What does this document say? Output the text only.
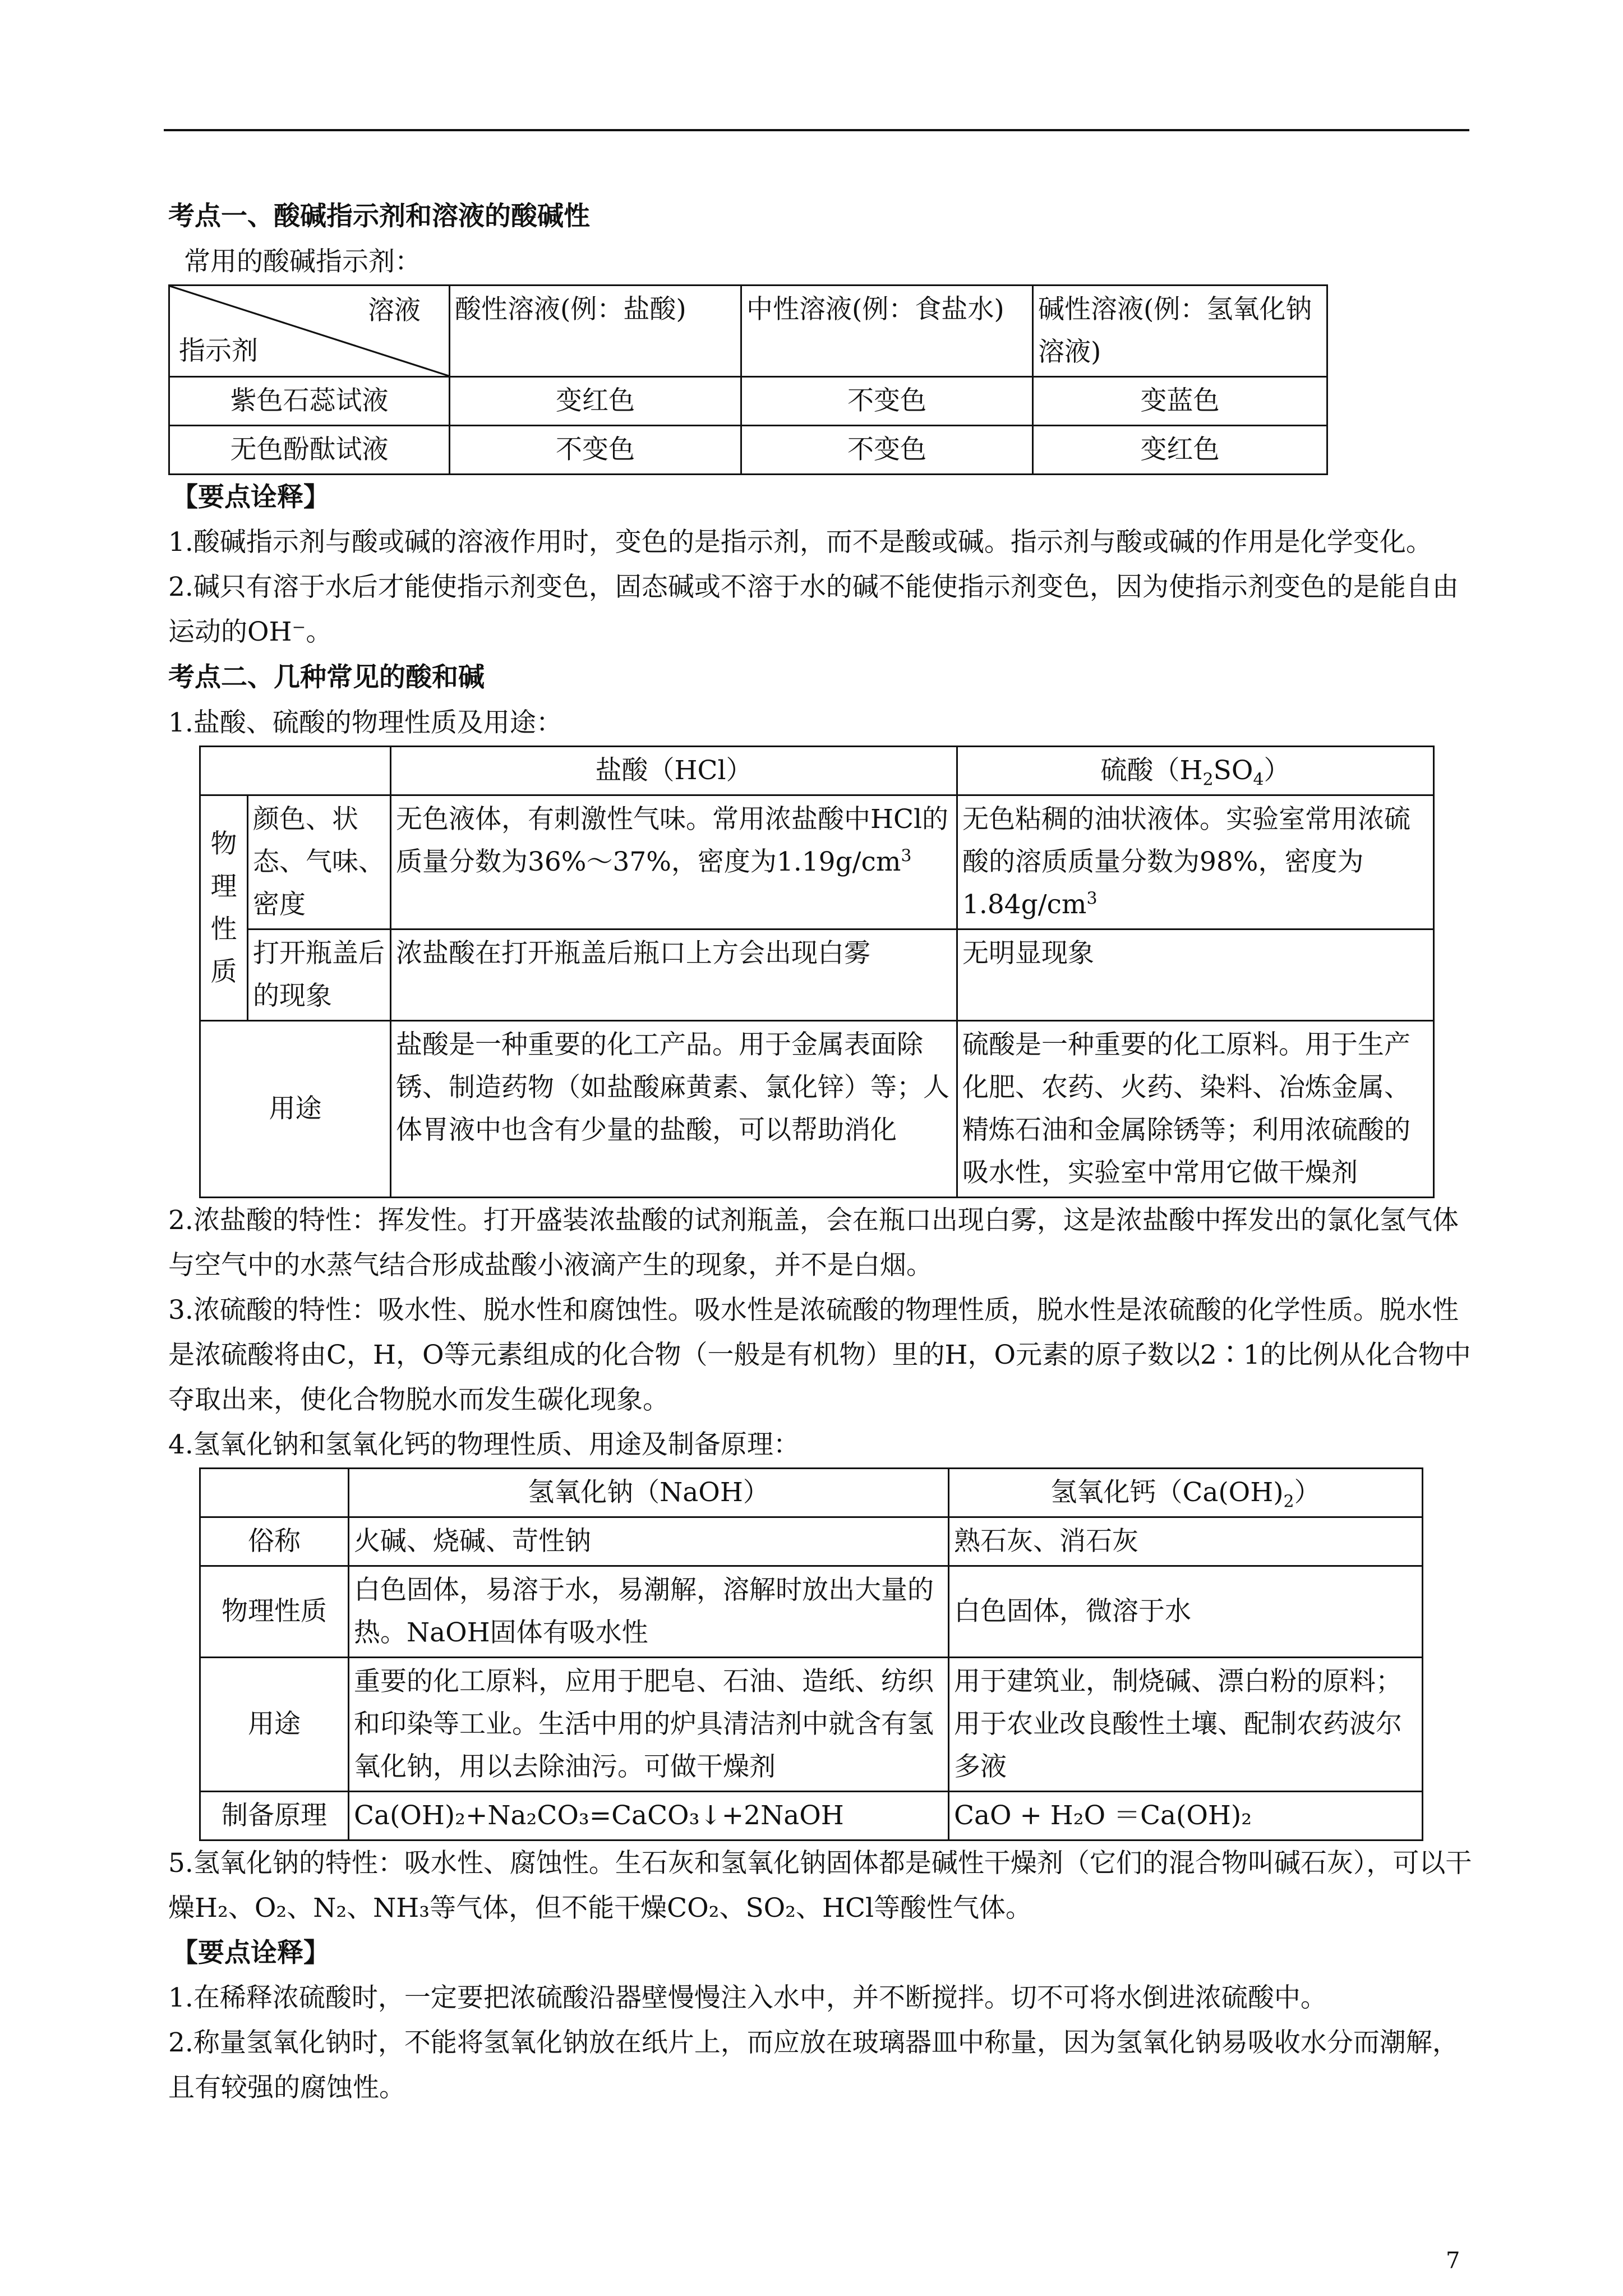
考点一、酸碱指示剂和溶液的酸碱性

常用的酸碱指示剂：

溶液
指示剂	酸性溶液(例：盐酸)	中性溶液(例：食盐水)	碱性溶液(例：氢氧化钠溶液)
紫色石蕊试液	变红色	不变色	变蓝色
无色酚酞试液	不变色	不变色	变红色

【要点诠释】

1.酸碱指示剂与酸或碱的溶液作用时，变色的是指示剂，而不是酸或碱。指示剂与酸或碱的作用是化学变化。

2.碱只有溶于水后才能使指示剂变色，固态碱或不溶于水的碱不能使指示剂变色，因为使指示剂变色的是能自由运动的OH⁻。

考点二、几种常见的酸和碱

1.盐酸、硫酸的物理性质及用途：

		盐酸（HCl）	硫酸$(H_2SO_4)$
物理性质	颜色、状态、气味、密度	无色液体，有刺激性气味。常用浓盐酸中HCl的质量分数为36%～37%，密度为$1.19g/cm^3$	无色粘稠的油状液体。实验室常用浓硫酸的溶质质量分数为98%，密度为$1.84g/cm^3$
	打开瓶盖后的现象	浓盐酸在打开瓶盖后瓶口上方会出现白雾	无明显现象
用途		盐酸是一种重要的化工产品。用于金属表面除锈、制造药物（如盐酸麻黄素、氯化锌）等；人体胃液中也含有少量的盐酸，可以帮助消化	硫酸是一种重要的化工原料。用于生产化肥、农药、火药、染料、冶炼金属、精炼石油和金属除锈等；利用浓硫酸的吸水性，实验室中常用它做干燥剂

2.浓盐酸的特性：挥发性。打开盛装浓盐酸的试剂瓶盖，会在瓶口出现白雾，这是浓盐酸中挥发出的氯化氢气体与空气中的水蒸气结合形成盐酸小液滴产生的现象，并不是白烟。

3.浓硫酸的特性：吸水性、脱水性和腐蚀性。吸水性是浓硫酸的物理性质，脱水性是浓硫酸的化学性质。脱水性是浓硫酸将由C，H，O等元素组成的化合物（一般是有机物）里的H，O元素的原子数以2∶1的比例从化合物中夺取出来，使化合物脱水而发生碳化现象。

4.氢氧化钠和氢氧化钙的物理性质、用途及制备原理：

	氢氧化钠（NaOH）	氢氧化钙$(Ca(OH)_2)$
俗称	火碱、烧碱、苛性钠	熟石灰、消石灰
物理性质	白色固体，易溶于水，易潮解，溶解时放出大量的热。NaOH固体有吸水性	白色固体，微溶于水
用途	重要的化工原料，应用于肥皂、石油、造纸、纺织和印染等工业。生活中用的炉具清洁剂中就含有氢氧化钠，用以去除油污。可做干燥剂	用于建筑业，制烧碱、漂白粉的原料；用于农业改良酸性土壤、配制农药波尔多液
制备原理	Ca(OH)₂+Na₂CO₃=CaCO₃↓+2NaOH	CaO + H₂O ＝Ca(OH)₂

5.氢氧化钠的特性：吸水性、腐蚀性。生石灰和氢氧化钠固体都是碱性干燥剂（它们的混合物叫碱石灰），可以干燥H₂、O₂、N₂、NH₃等气体，但不能干燥CO₂、SO₂、HCl等酸性气体。

【要点诠释】

1.在稀释浓硫酸时，一定要把浓硫酸沿器壁慢慢注入水中，并不断搅拌。切不可将水倒进浓硫酸中。

2.称量氢氧化钠时，不能将氢氧化钠放在纸片上，而应放在玻璃器皿中称量，因为氢氧化钠易吸收水分而潮解，且有较强的腐蚀性。

7
